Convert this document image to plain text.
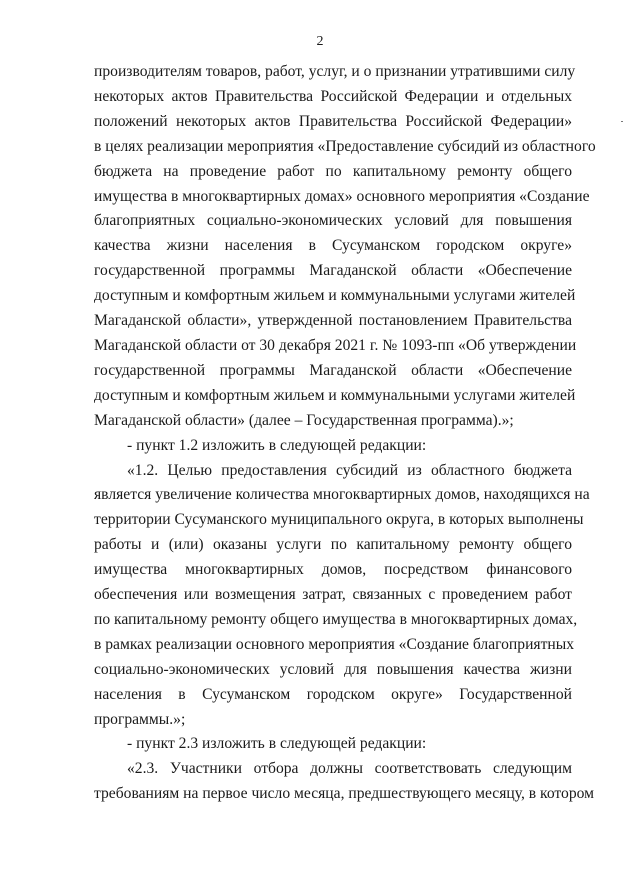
2
производителям товаров, работ, услуг, и о признании утратившими силу
некоторых актов Правительства Российской Федерации и отдельных
положений некоторых актов Правительства Российской Федерации»
в целях реализации мероприятия «Предоставление субсидий из областного
бюджета на проведение работ по капитальному ремонту общего
имущества в многоквартирных домах» основного мероприятия «Создание
благоприятных социально-экономических условий для повышения
качества жизни населения в Сусуманском городском округе»
государственной программы Магаданской области «Обеспечение
доступным и комфортным жильем и коммунальными услугами жителей
Магаданской области», утвержденной постановлением Правительства
Магаданской области от 30 декабря 2021 г. № 1093-пп «Об утверждении
государственной программы Магаданской области «Обеспечение
доступным и комфортным жильем и коммунальными услугами жителей
Магаданской области» (далее – Государственная программа).»;
- пункт 1.2 изложить в следующей редакции:
«1.2. Целью предоставления субсидий из областного бюджета
является увеличение количества многоквартирных домов, находящихся на
территории Сусуманского муниципального округа, в которых выполнены
работы и (или) оказаны услуги по капитальному ремонту общего
имущества многоквартирных домов, посредством финансового
обеспечения или возмещения затрат, связанных с проведением работ
по капитальному ремонту общего имущества в многоквартирных домах,
в рамках реализации основного мероприятия «Создание благоприятных
социально-экономических условий для повышения качества жизни
населения в Сусуманском городском округе» Государственной
программы.»;
- пункт 2.3 изложить в следующей редакции:
«2.3. Участники отбора должны соответствовать следующим
требованиям на первое число месяца, предшествующего месяцу, в котором
